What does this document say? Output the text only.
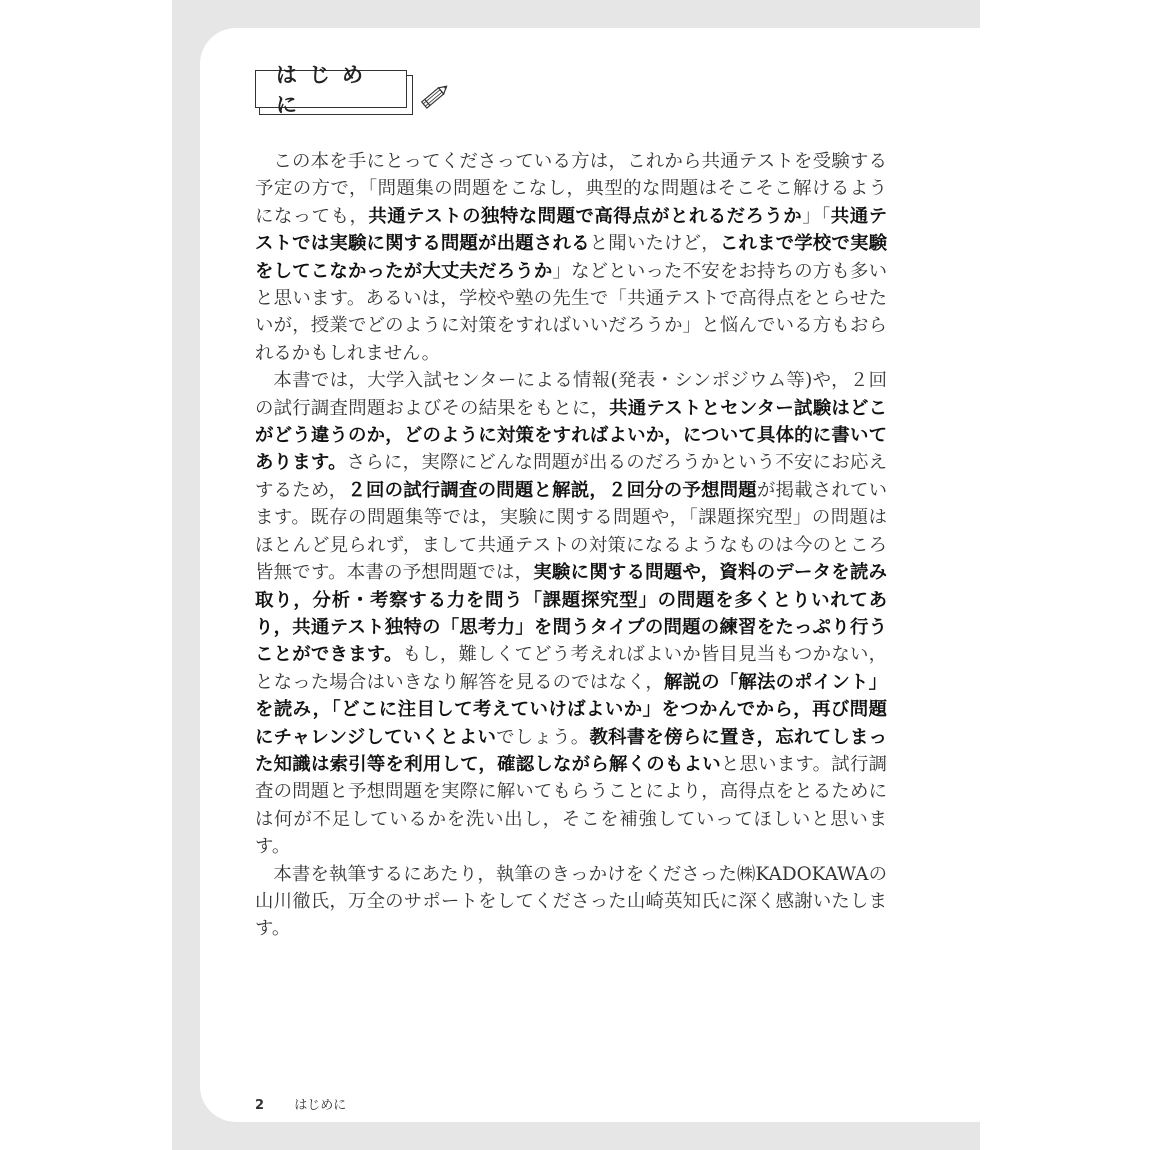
はじめに

この本を手にとってくださっている方は，これから共通テストを受験する予定の方で，「問題集の問題をこなし，典型的な問題はそこそこ解けるようになっても，共通テストの独特な問題で高得点がとれるだろうか」「共通テストでは実験に関する問題が出題されると聞いたけど，これまで学校で実験をしてこなかったが大丈夫だろうか」などといった不安をお持ちの方も多いと思います。あるいは，学校や塾の先生で「共通テストで高得点をとらせたいが，授業でどのように対策をすればいいだろうか」と悩んでいる方もおられるかもしれません。

本書では，大学入試センターによる情報(発表・シンポジウム等)や，２回の試行調査問題およびその結果をもとに，共通テストとセンター試験はどこがどう違うのか，どのように対策をすればよいか，について具体的に書いてあります。さらに，実際にどんな問題が出るのだろうかという不安にお応えするため，２回の試行調査の問題と解説，２回分の予想問題が掲載されています。既存の問題集等では，実験に関する問題や，「課題探究型」の問題はほとんど見られず，まして共通テストの対策になるようなものは今のところ皆無です。本書の予想問題では，実験に関する問題や，資料のデータを読み取り，分析・考察する力を問う「課題探究型」の問題を多くとりいれてあり，共通テスト独特の「思考力」を問うタイプの問題の練習をたっぷり行うことができます。もし，難しくてどう考えればよいか皆目見当もつかない，となった場合はいきなり解答を見るのではなく，解説の「解法のポイント」を読み，「どこに注目して考えていけばよいか」をつかんでから，再び問題にチャレンジしていくとよいでしょう。教科書を傍らに置き，忘れてしまった知識は索引等を利用して，確認しながら解くのもよいと思います。試行調査の問題と予想問題を実際に解いてもらうことにより，高得点をとるためには何が不足しているかを洗い出し，そこを補強していってほしいと思います。

本書を執筆するにあたり，執筆のきっかけをくださった㈱KADOKAWAの山川徹氏，万全のサポートをしてくださった山崎英知氏に深く感謝いたします。

2 はじめに
